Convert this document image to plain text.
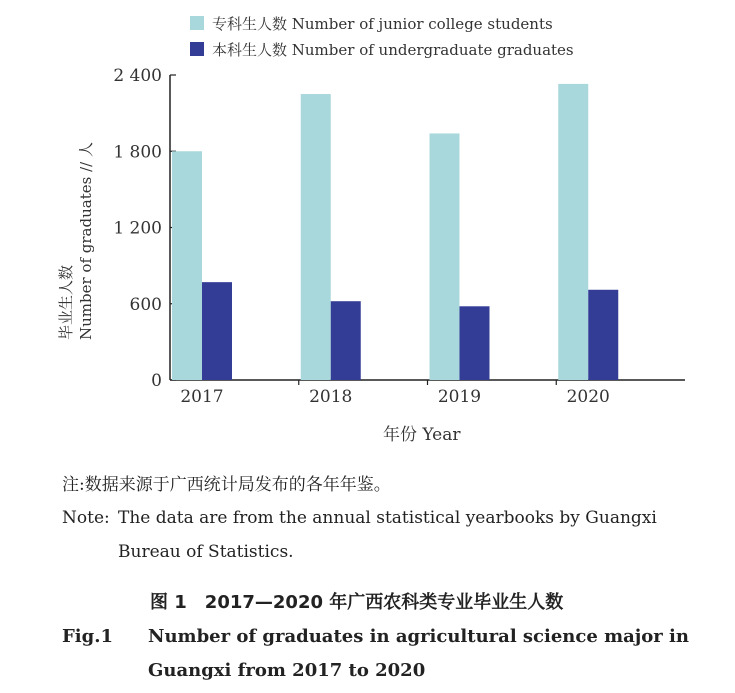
专科生人数 Number of junior college students
本科生人数 Number of undergraduate graduates
0
600
1 200
1 800
2 400
2017	2018	2019	2020
毕业生人数 Number of graduates // 人
年份 Year
注:数据来源于广西统计局发布的各年年鉴。
Note: The data are from the annual statistical yearbooks by Guangxi
Bureau of Statistics.
图 1 2017—2020 年广西农科类专业毕业生人数
Fig.1 Number of graduates in agricultural science major in
Guangxi from 2017 to 2020
